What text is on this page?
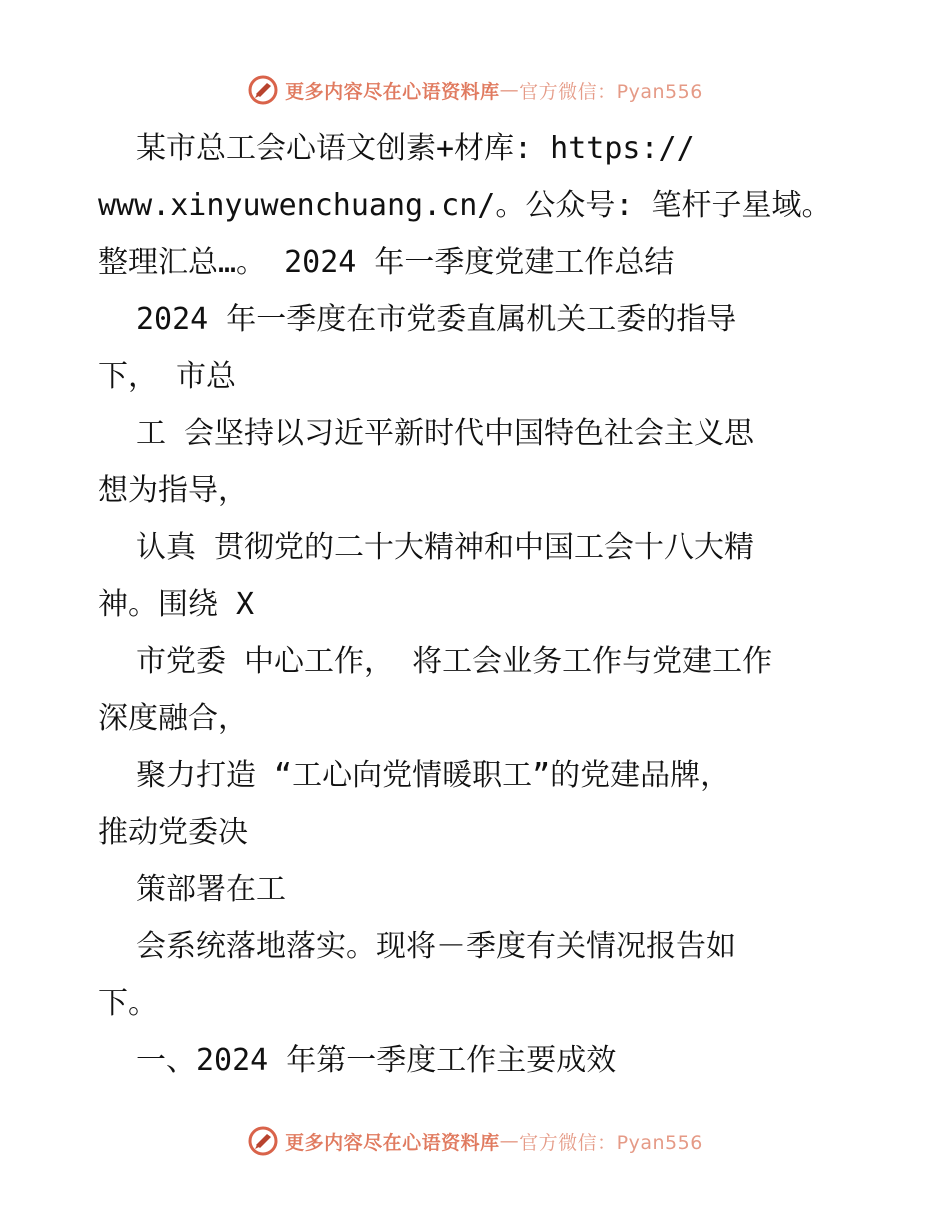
更多内容尽在心语资料库 — 官方微信：Pyan556
某市总工会心语文创素+材库: https://
www.xinyuwenchuang.cn/。公众号: 笔杆子星域。
整理汇总…。 2024 年一季度党建工作总结
2024 年一季度在市党委直属机关工委的指导
下， 市总
工 会坚持以习近平新时代中国特色社会主义思
想为指导，
认真 贯彻党的二十大精神和中国工会十八大精
神。围绕 X
市党委 中心工作， 将工会业务工作与党建工作
深度融合，
聚力打造 “工心向党情暖职工”的党建品牌，
推动党委决
策部署在工
会系统落地落实。现将－季度有关情况报告如
下。
一、2024 年第一季度工作主要成效
更多内容尽在心语资料库 — 官方微信：Pyan556
